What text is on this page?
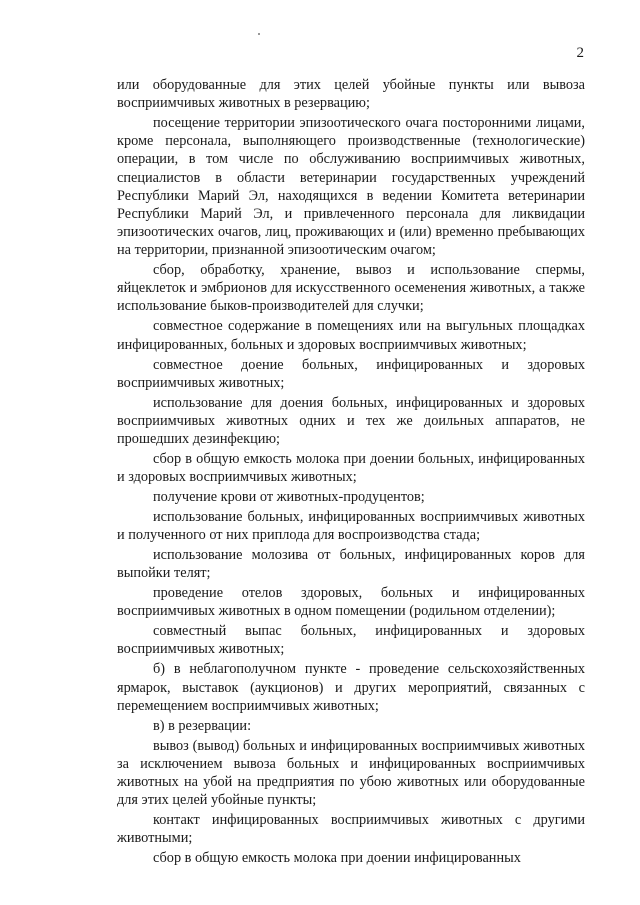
2

или оборудованные для этих целей убойные пункты или вывоза восприимчивых животных в резервацию;

посещение территории эпизоотического очага посторонними лицами, кроме персонала, выполняющего производственные (технологические) операции, в том числе по обслуживанию восприимчивых животных, специалистов в области ветеринарии государственных учреждений Республики Марий Эл, находящихся в ведении Комитета ветеринарии Республики Марий Эл, и привлеченного персонала для ликвидации эпизоотических очагов, лиц, проживающих и (или) временно пребывающих на территории, признанной эпизоотическим очагом;

сбор, обработку, хранение, вывоз и использование спермы, яйцеклеток и эмбрионов для искусственного осеменения животных, а также использование быков-производителей для случки;

совместное содержание в помещениях или на выгульных площадках инфицированных, больных и здоровых восприимчивых животных;

совместное доение больных, инфицированных и здоровых восприимчивых животных;

использование для доения больных, инфицированных и здоровых восприимчивых животных одних и тех же доильных аппаратов, не прошедших дезинфекцию;

сбор в общую емкость молока при доении больных, инфицированных и здоровых восприимчивых животных;

получение крови от животных-продуцентов;

использование больных, инфицированных восприимчивых животных и полученного от них приплода для воспроизводства стада;

использование молозива от больных, инфицированных коров для выпойки телят;

проведение отелов здоровых, больных и инфицированных восприимчивых животных в одном помещении (родильном отделении);

совместный выпас больных, инфицированных и здоровых восприимчивых животных;

б) в неблагополучном пункте - проведение сельскохозяйственных ярмарок, выставок (аукционов) и других мероприятий, связанных с перемещением восприимчивых животных;

в) в резервации:

вывоз (вывод) больных и инфицированных восприимчивых животных за исключением вывоза больных и инфицированных восприимчивых животных на убой на предприятия по убою животных или оборудованные для этих целей убойные пункты;

контакт инфицированных восприимчивых животных с другими животными;

сбор в общую емкость молока при доении инфицированных
